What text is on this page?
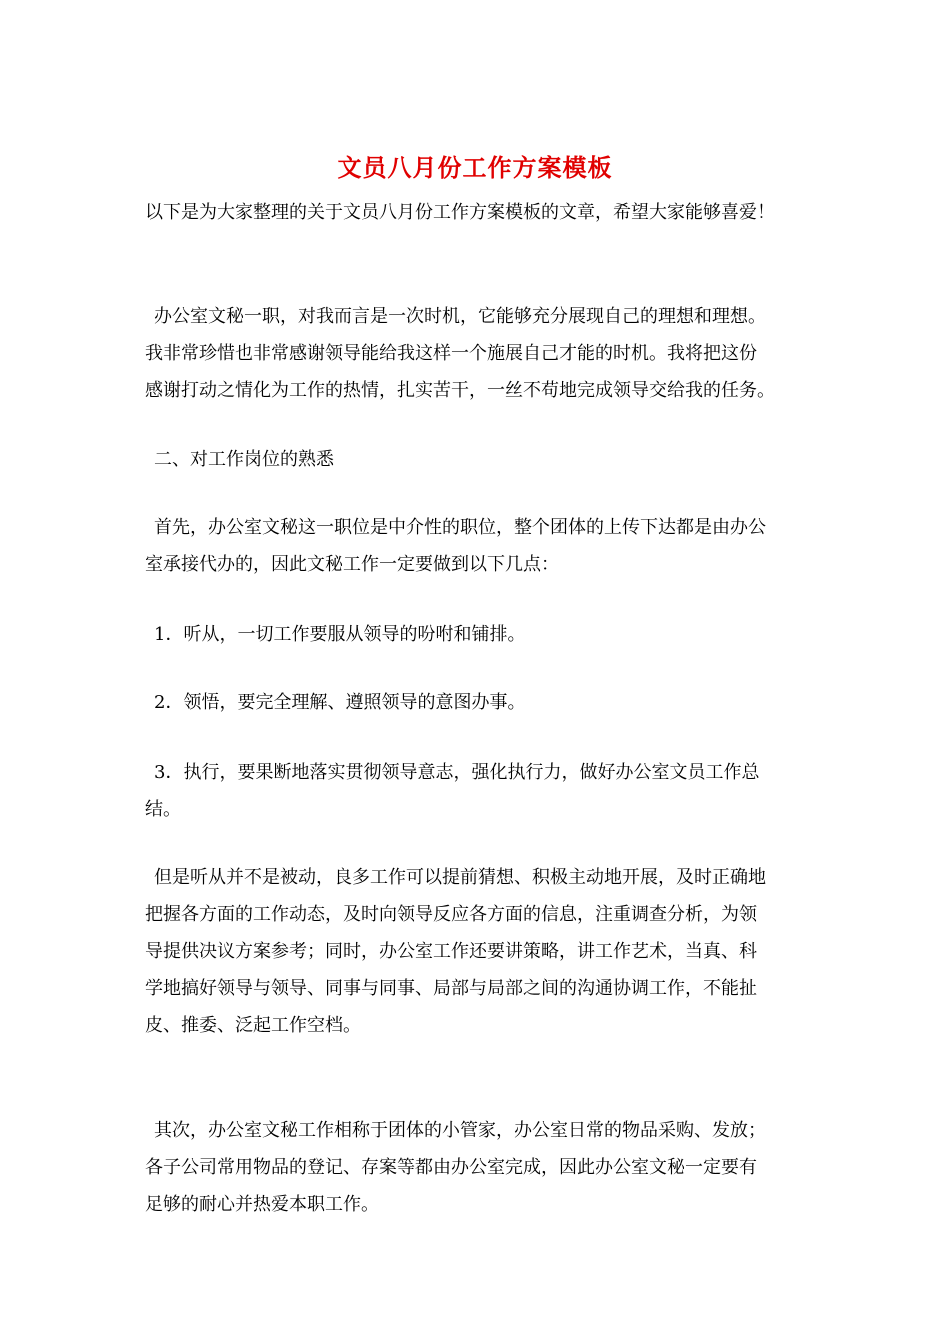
文员八月份工作方案模板
以下是为大家整理的关于文员八月份工作方案模板的文章，希望大家能够喜爱！
办公室文秘一职，对我而言是一次时机，它能够充分展现自己的理想和理想。
我非常珍惜也非常感谢领导能给我这样一个施展自己才能的时机。我将把这份
感谢打动之情化为工作的热情，扎实苦干，一丝不苟地完成领导交给我的任务。
二、对工作岗位的熟悉
首先，办公室文秘这一职位是中介性的职位，整个团体的上传下达都是由办公
室承接代办的，因此文秘工作一定要做到以下几点：
1．听从，一切工作要服从领导的吩咐和铺排。
2．领悟，要完全理解、遵照领导的意图办事。
3．执行，要果断地落实贯彻领导意志，强化执行力，做好办公室文员工作总
结。
但是听从并不是被动，良多工作可以提前猜想、积极主动地开展，及时正确地
把握各方面的工作动态，及时向领导反应各方面的信息，注重调查分析，为领
导提供决议方案参考；同时，办公室工作还要讲策略，讲工作艺术，当真、科
学地搞好领导与领导、同事与同事、局部与局部之间的沟通协调工作，不能扯
皮、推委、泛起工作空档。
其次，办公室文秘工作相称于团体的小管家，办公室日常的物品采购、发放；
各子公司常用物品的登记、存案等都由办公室完成，因此办公室文秘一定要有
足够的耐心并热爱本职工作。
